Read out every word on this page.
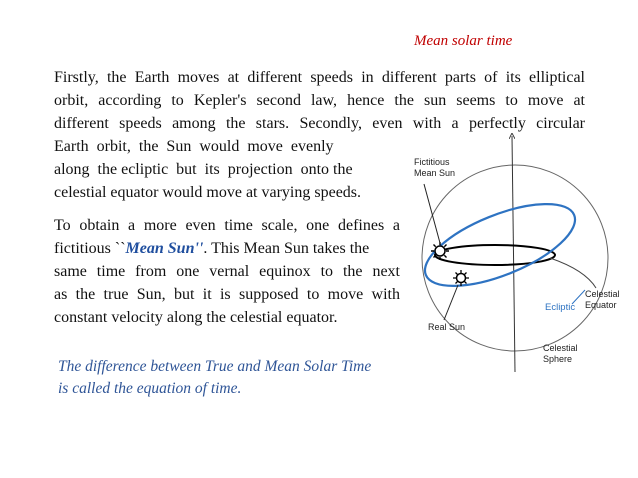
Mean solar time
Firstly, the Earth moves at different speeds in different parts of its elliptical
orbit, according to Kepler's second law, hence the sun seems to move at
different speeds among the stars. Secondly, even with a perfectly circular
Earth  orbit,  the  Sun  would  move  evenly
along  the ecliptic  but  its  projection  onto the
celestial equator would move at varying speeds.
To obtain a more even time scale, one defines a
fictitious ``Mean Sun''. This Mean Sun takes the
same time from one vernal equinox to the next
as the true Sun, but it is supposed to move with
constant velocity along the celestial equator.
The difference between True and Mean Solar Time
is called the equation of time.
Fictitious
Mean Sun
Real Sun
Ecliptic
Celestial
Equator
Celestial
Sphere
